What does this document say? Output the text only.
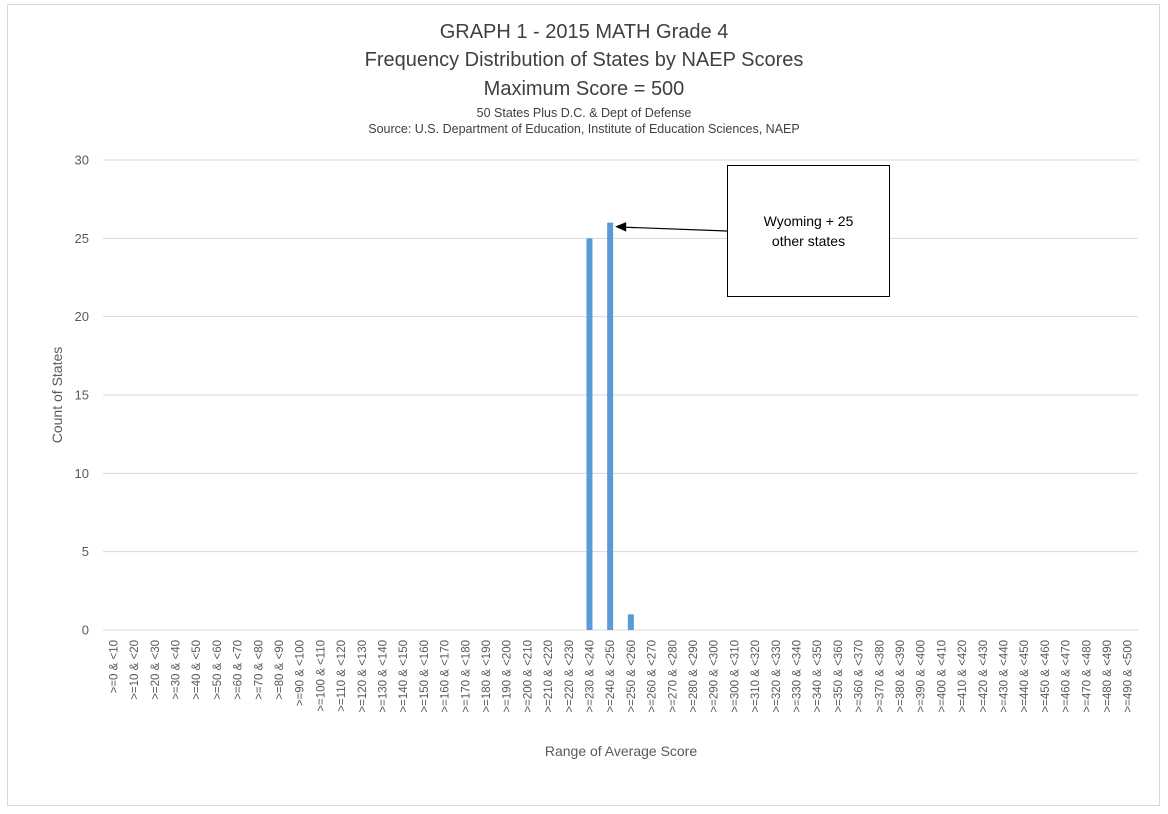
GRAPH 1 - 2015 MATH Grade 4
Frequency Distribution of States by NAEP Scores
Maximum Score = 500
50 States Plus D.C. & Dept of Defense
Source: U.S. Department of Education, Institute of Education Sciences, NAEP
0
5
10
15
20
25
30
>=0 & <10 >=10 & <20 >=20 & <30 >=30 & <40 >=40 & <50 >=50 & <60 >=60 & <70 >=70 & <80 >=80 & <90 >=90 & <100 >=100 & <110 >=110 & <120 >=120 & <130 >=130 & <140 >=140 & <150 >=150 & <160 >=160 & <170 >=170 & <180 >=180 & <190 >=190 & <200 >=200 & <210 >=210 & <220 >=220 & <230 >=230 & <240 >=240 & <250 >=250 & <260 >=260 & <270 >=270 & <280 >=280 & <290 >=290 & <300 >=300 & <310 >=310 & <320 >=320 & <330 >=330 & <340 >=340 & <350 >=350 & <360 >=360 & <370 >=370 & <380 >=380 & <390 >=390 & <400 >=400 & <410 >=410 & <420 >=420 & <430 >=430 & <440 >=440 & <450 >=450 & <460 >=460 & <470 >=470 & <480 >=480 & <490 >=490 & <500
Count of States
Range of Average Score
Wyoming + 25
other states
